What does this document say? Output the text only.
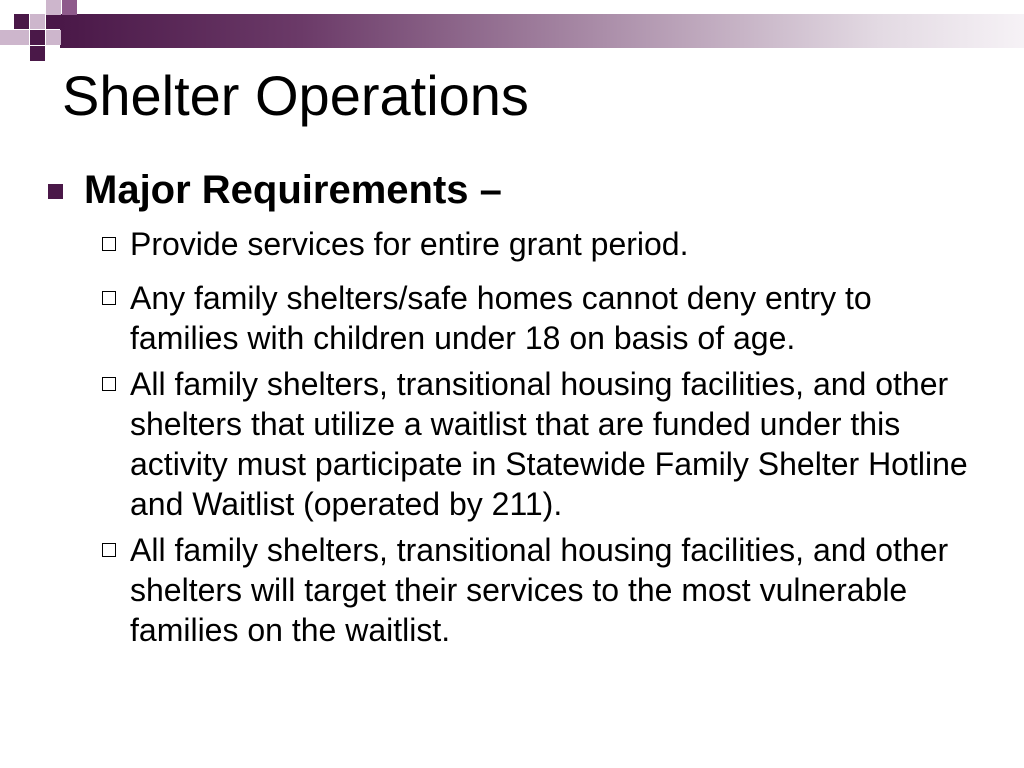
Shelter Operations
Major Requirements –
Provide services for entire grant period.
Any family shelters/safe homes cannot deny entry to families with children under 18 on basis of age.
All family shelters, transitional housing facilities, and other shelters that utilize a waitlist that are funded under this activity must participate in Statewide Family Shelter Hotline and Waitlist (operated by 211).
All family shelters, transitional housing facilities, and other shelters will target their services to the most vulnerable families on the waitlist.
